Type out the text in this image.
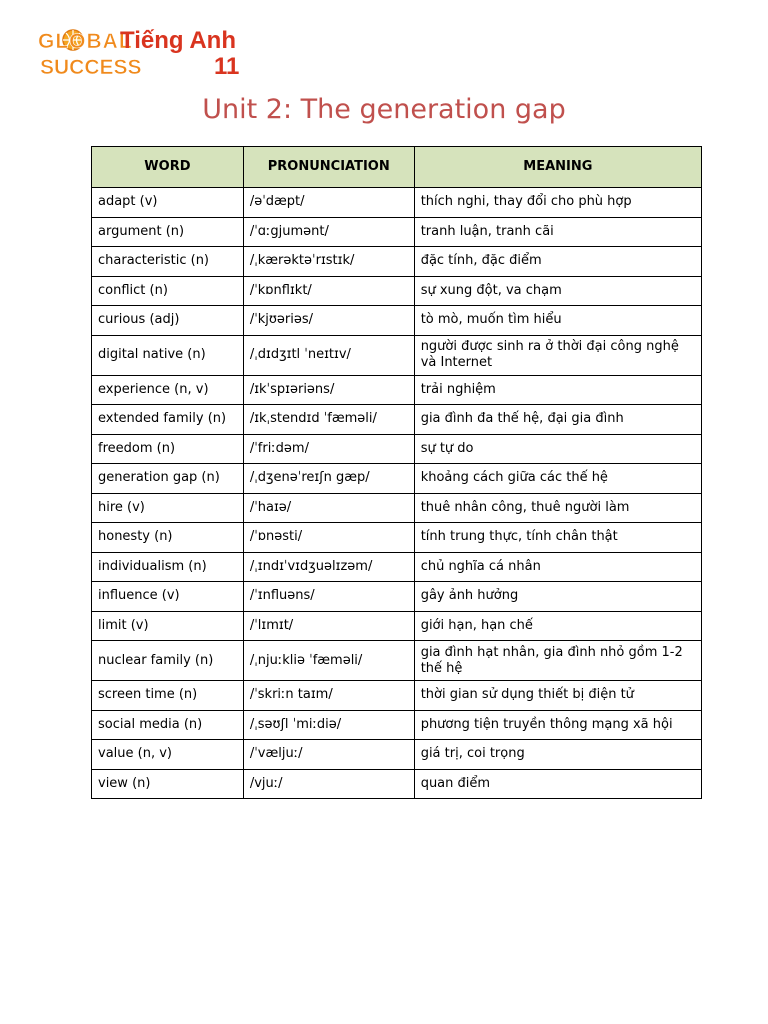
GLOBAL
SUCCESS
Tiếng Anh
11
Unit 2: The generation gap
WORD	PRONUNCIATION	MEANING
adapt (v)	/əˈdæpt/	thích nghi, thay đổi cho phù hợp
argument (n)	/ˈɑːgjumənt/	tranh luận, tranh cãi
characteristic (n)	/ˌkærəktəˈrɪstɪk/	đặc tính, đặc điểm
conflict (n)	/ˈkɒnflɪkt/	sự xung đột, va chạm
curious (adj)	/ˈkjʊəriəs/	tò mò, muốn tìm hiểu
digital native (n)	/ˌdɪdʒɪtl ˈneɪtɪv/	người được sinh ra ở thời đại công nghệ và Internet
experience (n, v)	/ɪkˈspɪəriəns/	trải nghiệm
extended family (n)	/ɪkˌstendɪd ˈfæməli/	gia đình đa thế hệ, đại gia đình
freedom (n)	/ˈfriːdəm/	sự tự do
generation gap (n)	/ˌdʒenəˈreɪʃn gæp/	khoảng cách giữa các thế hệ
hire (v)	/ˈhaɪə/	thuê nhân công, thuê người làm
honesty (n)	/ˈɒnəsti/	tính trung thực, tính chân thật
individualism (n)	/ˌɪndɪˈvɪdʒuəlɪzəm/	chủ nghĩa cá nhân
influence (v)	/ˈɪnfluəns/	gây ảnh hưởng
limit (v)	/ˈlɪmɪt/	giới hạn, hạn chế
nuclear family (n)	/ˌnjuːkliə ˈfæməli/	gia đình hạt nhân, gia đình nhỏ gồm 1-2 thế hệ
screen time (n)	/ˈskriːn taɪm/	thời gian sử dụng thiết bị điện tử
social media (n)	/ˌsəʊʃl ˈmiːdiə/	phương tiện truyền thông mạng xã hội
value (n, v)	/ˈvæljuː/	giá trị, coi trọng
view (n)	/vjuː/	quan điểm
